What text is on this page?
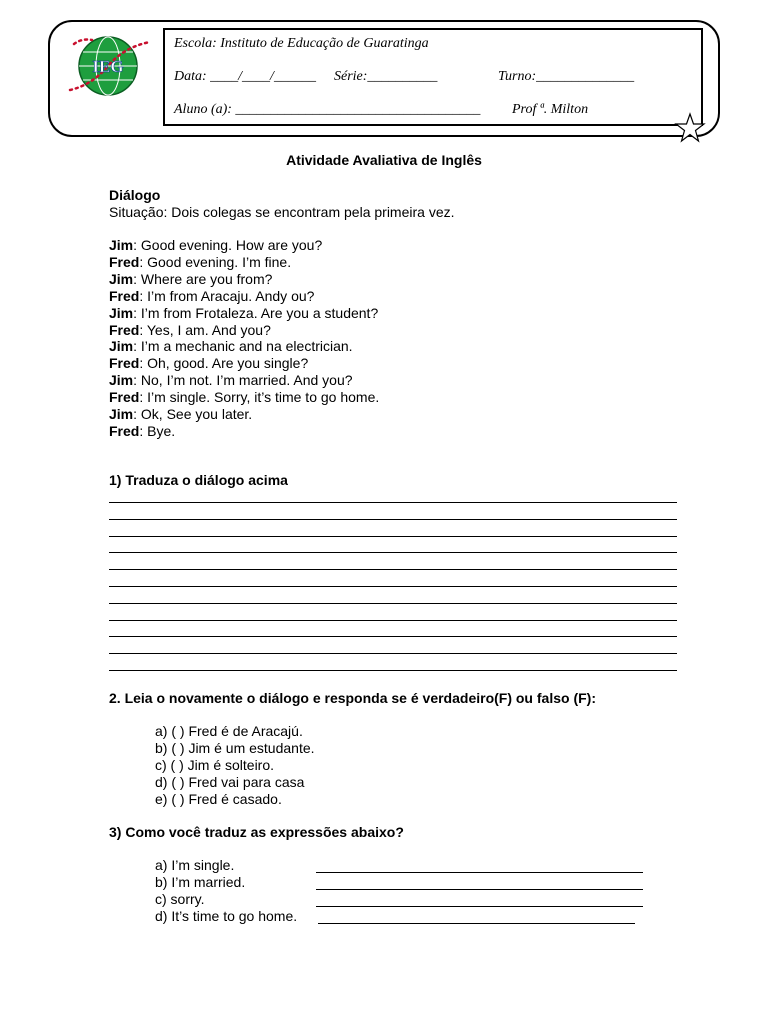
IEG
Escola: Instituto de Educação de Guaratinga
Data: ____/____/______ Série:__________	Turno:______________
Aluno (a): ___________________________________ Prof ª. Milton
Atividade Avaliativa de Inglês
Diálogo
Situação: Dois colegas se encontram pela primeira vez.
Jim: Good evening. How are you?
Fred: Good evening. I’m fine.
Jim: Where are you from?
Fred: I’m from Aracaju. Andy ou?
Jim: I’m from Frotaleza. Are you a student?
Fred: Yes, I am. And you?
Jim: I’m a mechanic and na electrician.
Fred: Oh, good. Are you single?
Jim: No, I’m not. I’m married. And you?
Fred: I’m single. Sorry, it’s time to go home.
Jim: Ok, See you later.
Fred: Bye.
1) Traduza o diálogo acima
2. Leia o novamente o diálogo e responda se é verdadeiro(F) ou falso (F):
a) ( ) Fred é de Aracajú.
b) ( ) Jim é um estudante.
c) ( ) Jim é solteiro.
d) ( ) Fred vai para casa
e) ( ) Fred é casado.
3) Como você traduz as expressões abaixo?
a) I’m single.
b) I’m married.
c) sorry.
d) It’s time to go home.
